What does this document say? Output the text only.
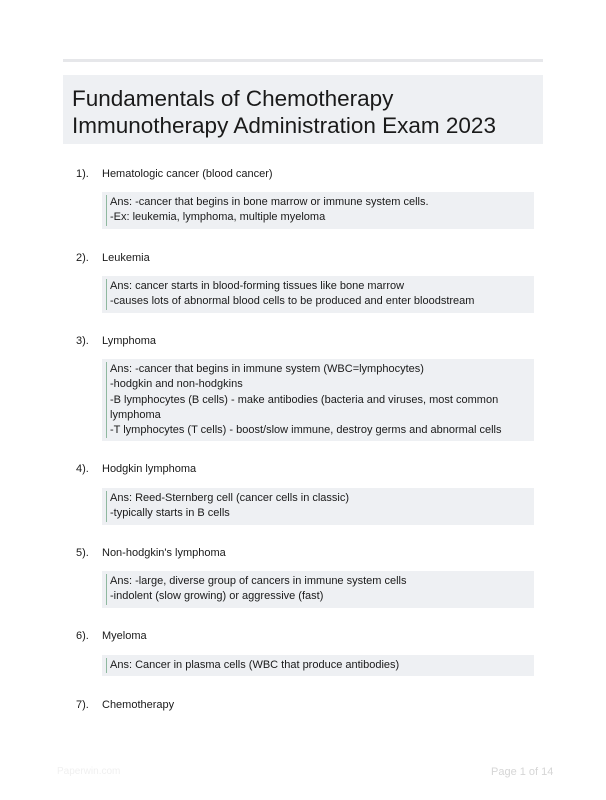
Fundamentals of Chemotherapy Immunotherapy Administration Exam 2023
1). Hematologic cancer (blood cancer)
Ans: -cancer that begins in bone marrow or immune system cells.
-Ex: leukemia, lymphoma, multiple myeloma
2). Leukemia
Ans: cancer starts in blood-forming tissues like bone marrow
-causes lots of abnormal blood cells to be produced and enter bloodstream
3). Lymphoma
Ans: -cancer that begins in immune system (WBC=lymphocytes)
-hodgkin and non-hodgkins
-B lymphocytes (B cells) - make antibodies (bacteria and viruses, most common lymphoma
-T lymphocytes (T cells) - boost/slow immune, destroy germs and abnormal cells
4). Hodgkin lymphoma
Ans: Reed-Sternberg cell (cancer cells in classic)
-typically starts in B cells
5). Non-hodgkin's lymphoma
Ans: -large, diverse group of cancers in immune system cells
-indolent (slow growing) or aggressive (fast)
6). Myeloma
Ans: Cancer in plasma cells (WBC that produce antibodies)
7). Chemotherapy
Paperwin.com	Page 1 of 14
